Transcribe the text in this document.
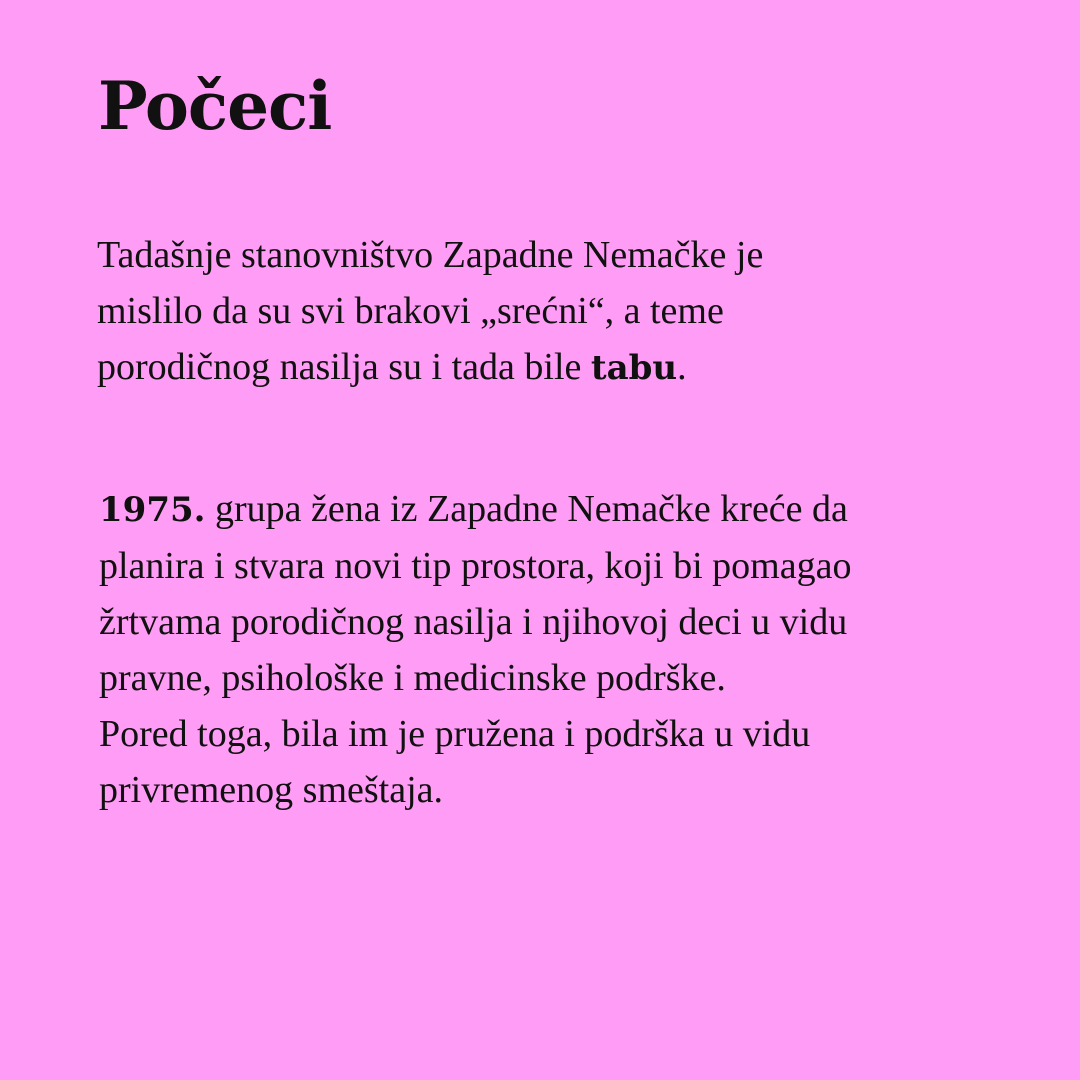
Počeci

Tadašnje stanovništvo Zapadne Nemačke je
mislilo da su svi brakovi „srećni“, a teme
porodičnog nasilja su i tada bile tabu.

1975. grupa žena iz Zapadne Nemačke kreće da
planira i stvara novi tip prostora, koji bi pomagao
žrtvama porodičnog nasilja i njihovoj deci u vidu
pravne, psihološke i medicinske podrške.
Pored toga, bila im je pružena i podrška u vidu
privremenog smeštaja.
